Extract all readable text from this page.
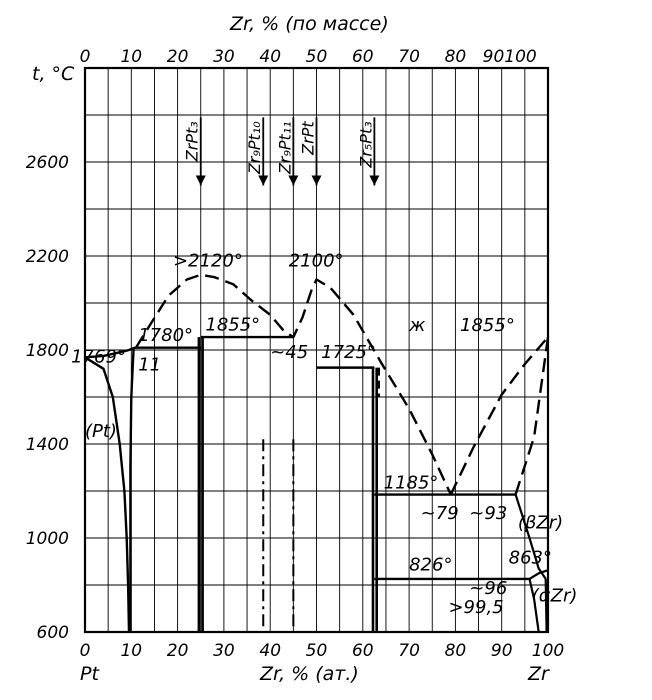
ZrPt₃	Zr₉Pt₁₀ Zr₉Pt₁₁ ZrPt Zr₅Pt₃
1769° 11
1780°
>2120°
1855°
~45
2100°
1725°
ж 1855°
(Pt)
1185°
~79 ~93 (βZr)
826°	863°
~96
>99,5
(αZr)
0 10 20 30 40 50 60 70 80 90 100
0 10 20 30 40 50 60 70 80 90100
600
1000
1400
1800
2200
2600
t, °C
Zr, % (по массе)
Zr, % (ат.)
Pt	Zr
